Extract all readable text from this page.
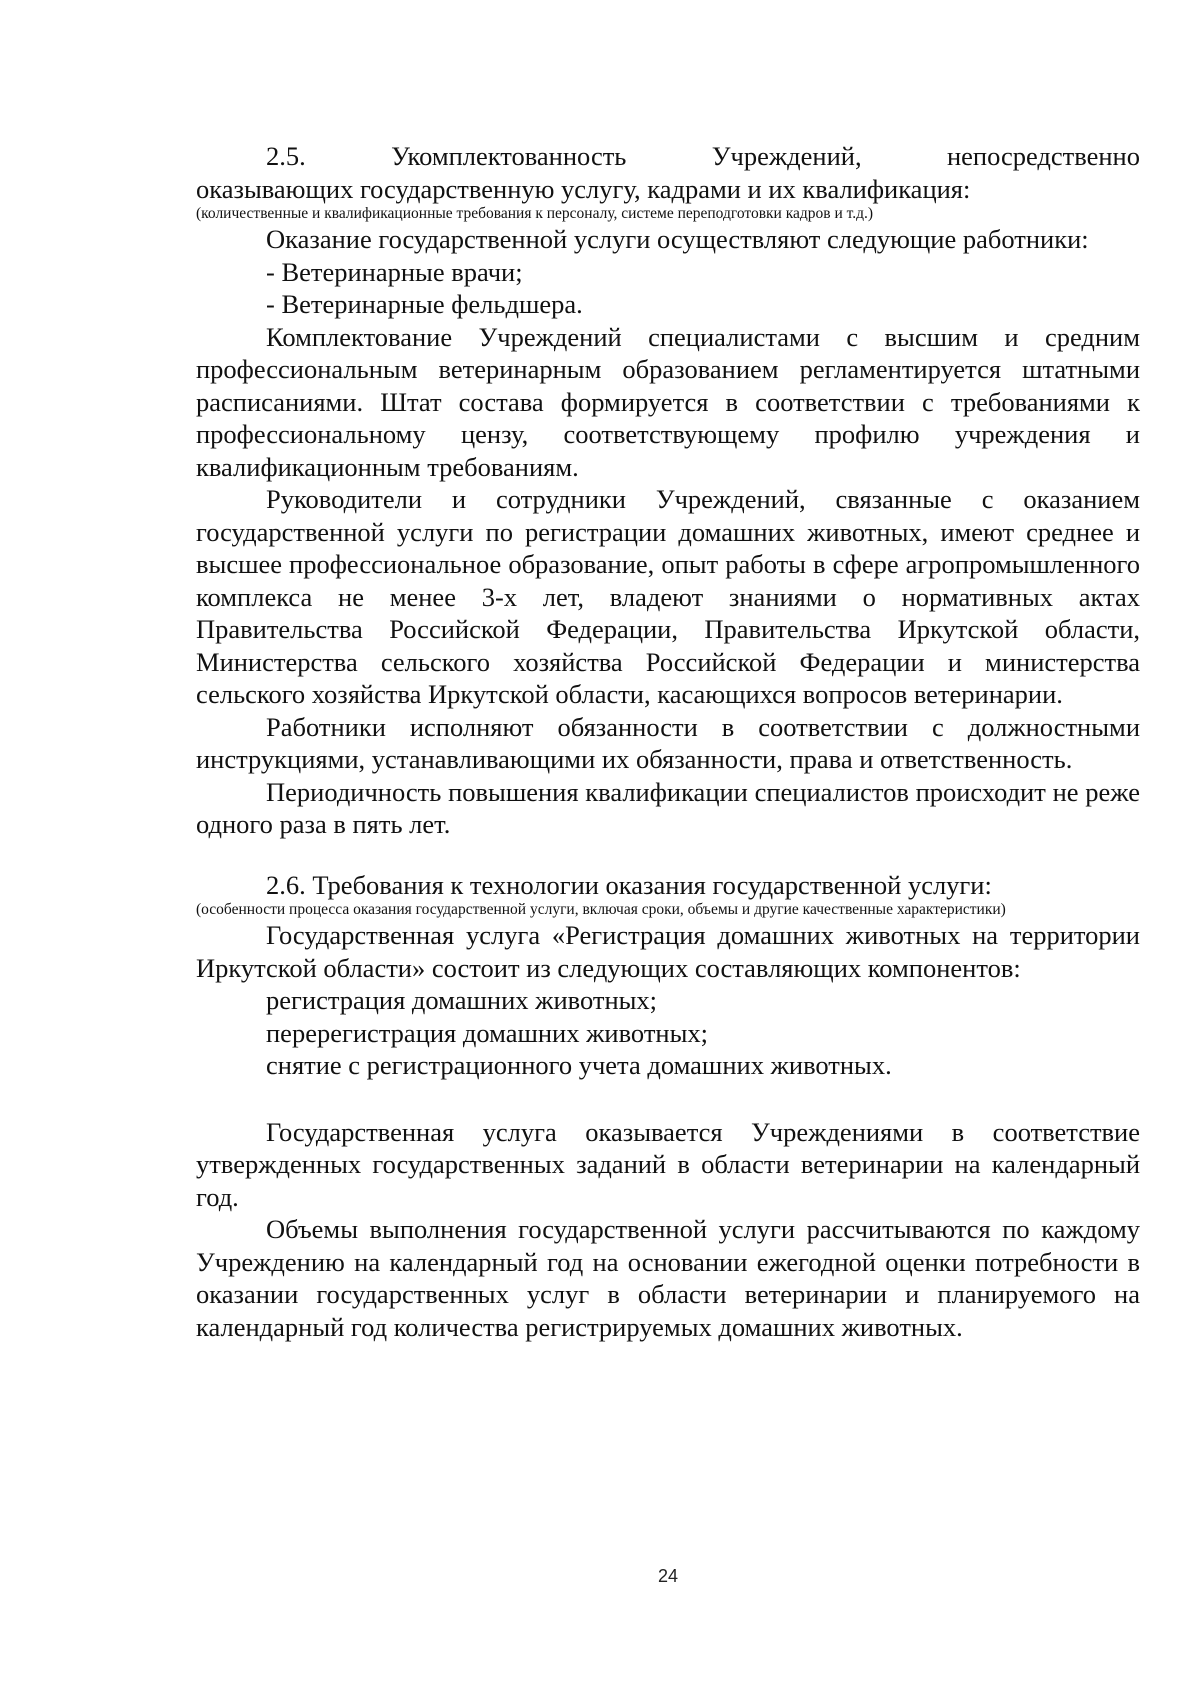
2.5.	Укомплектованность	Учреждений,	непосредственно

оказывающих государственную услугу, кадрами и их квалификация:

(количественные и квалификационные требования к персоналу, системе переподготовки кадров и т.д.)

Оказание государственной услуги осуществляют следующие работники:

- Ветеринарные врачи;

- Ветеринарные фельдшера.

Комплектование Учреждений специалистами с высшим и средним профессиональным ветеринарным образованием регламентируется штатными расписаниями. Штат состава формируется в соответствии с требованиями к профессиональному цензу, соответствующему профилю учреждения и квалификационным требованиям.

Руководители и сотрудники Учреждений, связанные с оказанием государственной услуги по регистрации домашних животных, имеют среднее и высшее профессиональное образование, опыт работы в сфере агропромышленного комплекса не менее 3-х лет, владеют знаниями о нормативных актах Правительства Российской Федерации, Правительства Иркутской области, Министерства сельского хозяйства Российской Федерации и министерства сельского хозяйства Иркутской области, касающихся вопросов ветеринарии.

Работники исполняют обязанности в соответствии с должностными инструкциями, устанавливающими их обязанности, права и ответственность.

Периодичность повышения квалификации специалистов происходит не реже одного раза в пять лет.

2.6. Требования к технологии оказания государственной услуги:

(особенности процесса оказания государственной услуги, включая сроки, объемы и другие качественные характеристики)

Государственная услуга «Регистрация домашних животных на территории Иркутской области» состоит из следующих составляющих компонентов:

регистрация домашних животных;

перерегистрация домашних животных;

снятие с регистрационного учета домашних животных.

Государственная услуга оказывается Учреждениями в соответствие утвержденных государственных заданий в области ветеринарии на календарный год.

Объемы выполнения государственной услуги рассчитываются по каждому Учреждению на календарный год на основании ежегодной оценки потребности в оказании государственных услуг в области ветеринарии и планируемого на календарный год количества регистрируемых домашних животных.

24
